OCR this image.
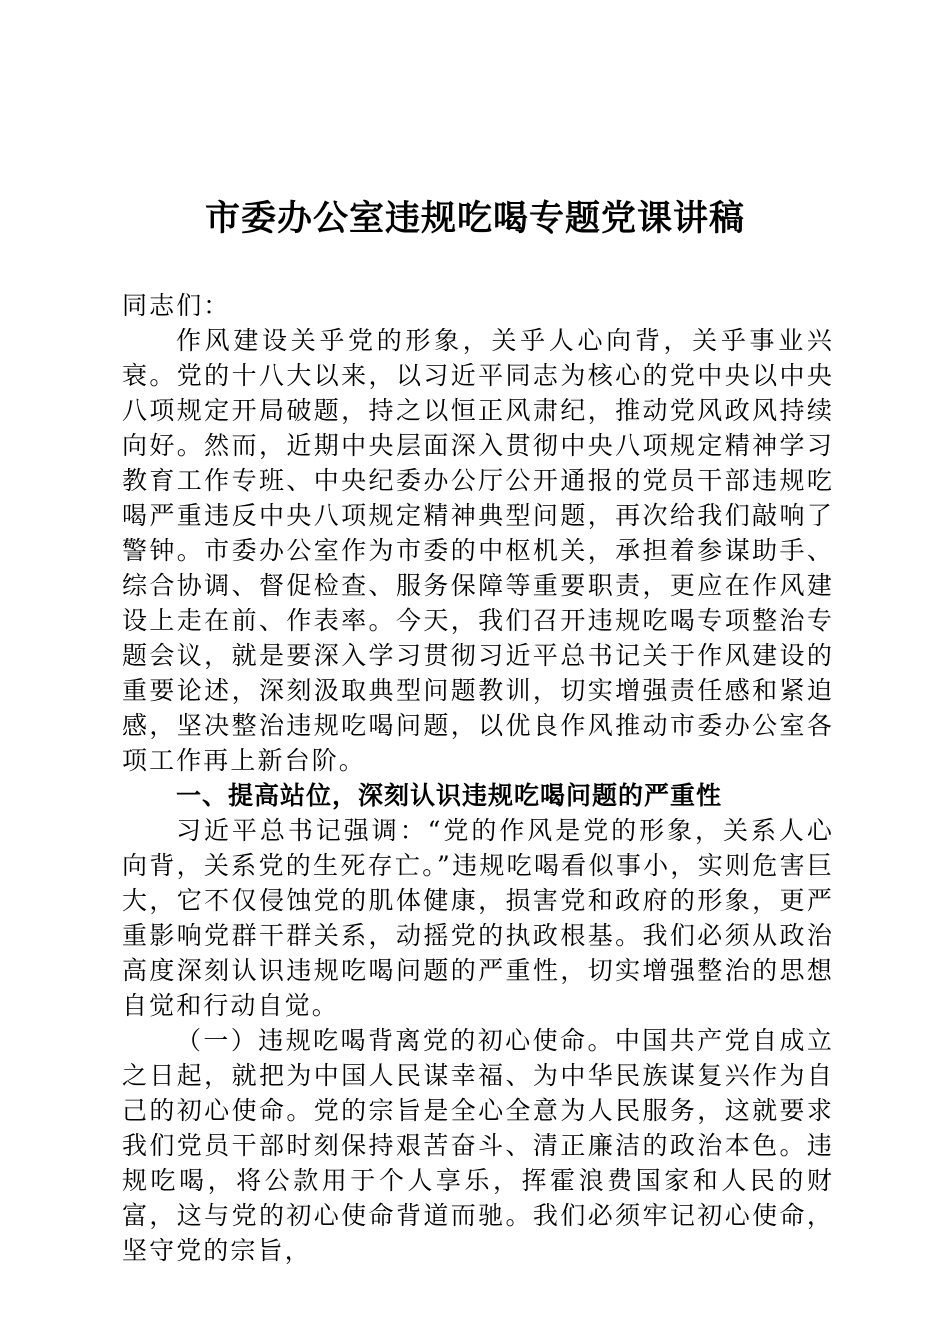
市委办公室违规吃喝专题党课讲稿

同志们：

作风建设关乎党的形象，关乎人心向背，关乎事业兴衰。党的十八大以来，以习近平同志为核心的党中央以中央八项规定开局破题，持之以恒正风肃纪，推动党风政风持续向好。然而，近期中央层面深入贯彻中央八项规定精神学习教育工作专班、中央纪委办公厅公开通报的党员干部违规吃喝严重违反中央八项规定精神典型问题，再次给我们敲响了警钟。市委办公室作为市委的中枢机关，承担着参谋助手、综合协调、督促检查、服务保障等重要职责，更应在作风建设上走在前、作表率。今天，我们召开违规吃喝专项整治专题会议，就是要深入学习贯彻习近平总书记关于作风建设的重要论述，深刻汲取典型问题教训，切实增强责任感和紧迫感，坚决整治违规吃喝问题，以优良作风推动市委办公室各项工作再上新台阶。

一、提高站位，深刻认识违规吃喝问题的严重性

习近平总书记强调：“党的作风是党的形象，关系人心向背，关系党的生死存亡。”违规吃喝看似事小，实则危害巨大，它不仅侵蚀党的肌体健康，损害党和政府的形象，更严重影响党群干群关系，动摇党的执政根基。我们必须从政治高度深刻认识违规吃喝问题的严重性，切实增强整治的思想自觉和行动自觉。

（一）违规吃喝背离党的初心使命。中国共产党自成立之日起，就把为中国人民谋幸福、为中华民族谋复兴作为自己的初心使命。党的宗旨是全心全意为人民服务，这就要求我们党员干部时刻保持艰苦奋斗、清正廉洁的政治本色。违规吃喝，将公款用于个人享乐，挥霍浪费国家和人民的财富，这与党的初心使命背道而驰。我们必须牢记初心使命，坚守党的宗旨，
